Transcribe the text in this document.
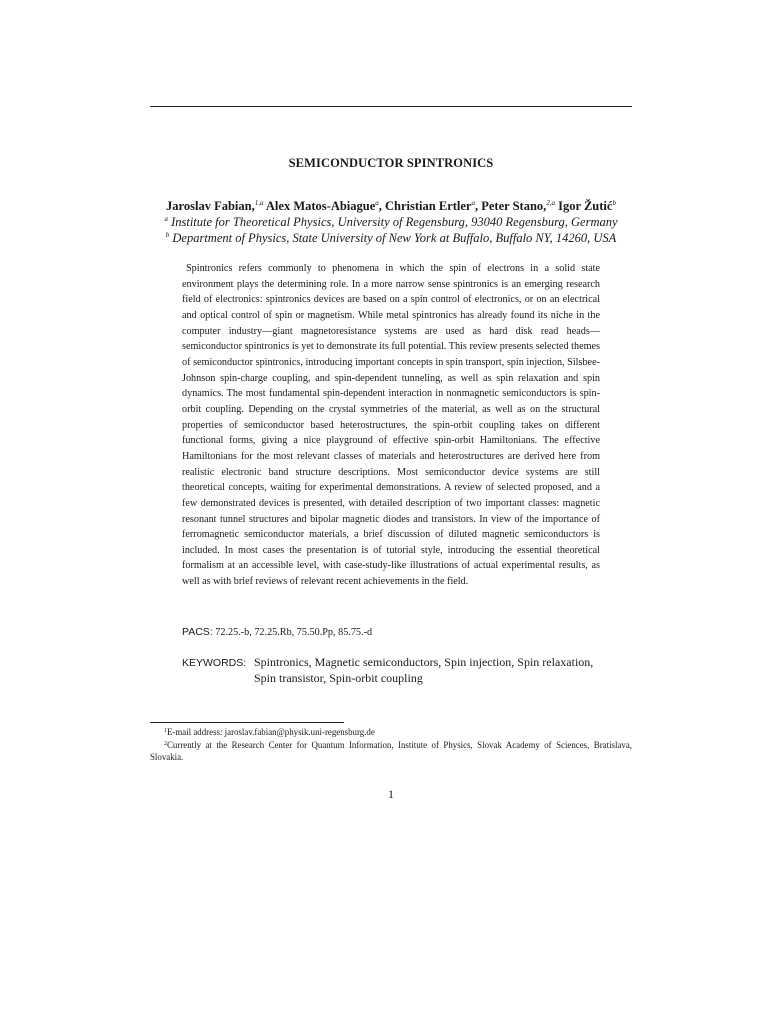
SEMICONDUCTOR SPINTRONICS
Jaroslav Fabian,$^{1,a}$ Alex Matos-Abiague$^a$, Christian Ertler$^a$, Peter Stano,$^{2,a}$ Igor Žutić$^b$
$^a$ Institute for Theoretical Physics, University of Regensburg, 93040 Regensburg, Germany
$^b$ Department of Physics, State University of New York at Buffalo, Buffalo NY, 14260, USA

Spintronics refers commonly to phenomena in which the spin of electrons in a solid state environment plays the determining role. In a more narrow sense spintronics is an emerging research field of electronics: spintronics devices are based on a spin control of electronics, or on an electrical and optical control of spin or magnetism. While metal spintronics has already found its niche in the computer industry—giant magnetoresistance systems are used as hard disk read heads—semiconductor spintronics is yet to demonstrate its full potential. This review presents selected themes of semiconductor spintronics, introducing important concepts in spin transport, spin injection, Silsbee-Johnson spin-charge coupling, and spin-dependent tunneling, as well as spin relaxation and spin dynamics. The most fundamental spin-dependent interaction in nonmagnetic semiconductors is spin-orbit coupling. Depending on the crystal symmetries of the material, as well as on the structural properties of semiconductor based heterostructures, the spin-orbit coupling takes on different functional forms, giving a nice playground of effective spin-orbit Hamiltonians. The effective Hamiltonians for the most relevant classes of materials and heterostructures are derived here from realistic electronic band structure descriptions. Most semiconductor device systems are still theoretical concepts, waiting for experimental demonstrations. A review of selected proposed, and a few demonstrated devices is presented, with detailed description of two important classes: magnetic resonant tunnel structures and bipolar magnetic diodes and transistors. In view of the importance of ferromagnetic semiconductor materials, a brief discussion of diluted magnetic semiconductors is included. In most cases the presentation is of tutorial style, introducing the essential theoretical formalism at an accessible level, with case-study-like illustrations of actual experimental results, as well as with brief reviews of relevant recent achievements in the field.

PACS: 72.25.-b, 72.25.Rb, 75.50.Pp, 85.75.-d
KEYWORDS: Spintronics, Magnetic semiconductors, Spin injection, Spin relaxation, Spin transistor, Spin-orbit coupling

$^1$E-mail address: jaroslav.fabian@physik.uni-regensburg.de

$^2$Currently at the Research Center for Quantum Information, Institute of Physics, Slovak Academy of Sciences, Bratislava, Slovakia.

1
